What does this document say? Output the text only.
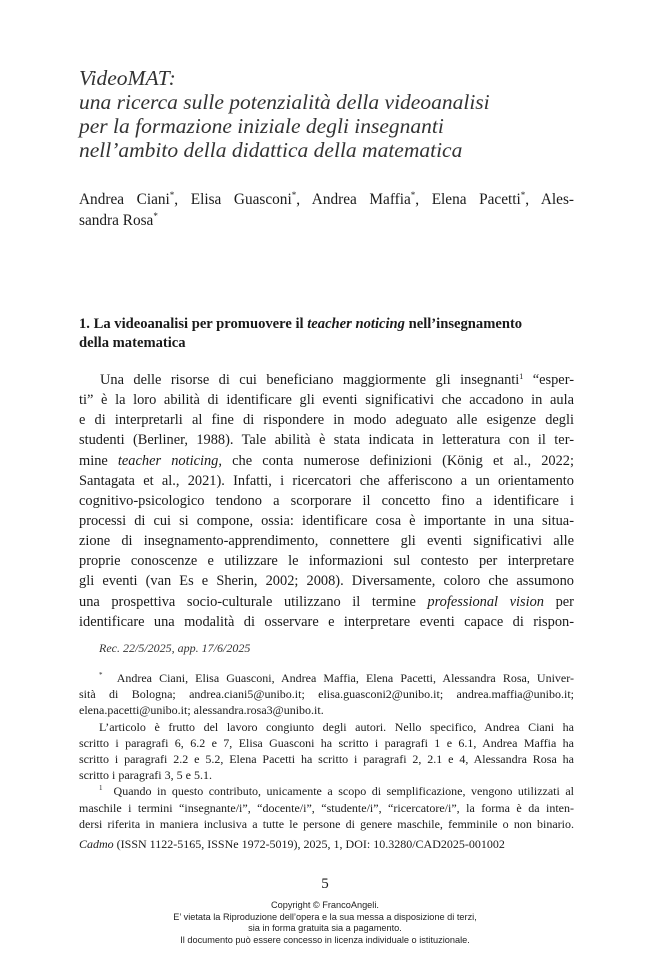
VideoMAT:
una ricerca sulle potenzialità della videoanalisi
per la formazione iniziale degli insegnanti
nell’ambito della didattica della matematica
Andrea Ciani*, Elisa Guasconi*, Andrea Maffia*, Elena Pacetti*, Ales-
sandra Rosa*
1. La videoanalisi per promuovere il teacher noticing nell’insegnamento
della matematica
Una delle risorse di cui beneficiano maggiormente gli insegnanti$^1$ “esper-
ti” è la loro abilità di identificare gli eventi significativi che accadono in aula
e di interpretarli al fine di rispondere in modo adeguato alle esigenze degli
studenti (Berliner, 1988). Tale abilità è stata indicata in letteratura con il ter-
mine teacher noticing, che conta numerose definizioni (König et al., 2022;
Santagata et al., 2021). Infatti, i ricercatori che afferiscono a un orientamento
cognitivo-psicologico tendono a scorporare il concetto fino a identificare i
processi di cui si compone, ossia: identificare cosa è importante in una situa-
zione di insegnamento-apprendimento, connettere gli eventi significativi alle
proprie conoscenze e utilizzare le informazioni sul contesto per interpretare
gli eventi (van Es e Sherin, 2002; 2008). Diversamente, coloro che assumono
una prospettiva socio-culturale utilizzano il termine professional vision per
identificare una modalità di osservare e interpretare eventi capace di rispon-
Rec. 22/5/2025, app. 17/6/2025
* Andrea Ciani, Elisa Guasconi, Andrea Maffia, Elena Pacetti, Alessandra Rosa, Univer-
sità di Bologna; andrea.ciani5@unibo.it; elisa.guasconi2@unibo.it; andrea.maffia@unibo.it;
elena.pacetti@unibo.it; alessandra.rosa3@unibo.it.
L’articolo è frutto del lavoro congiunto degli autori. Nello specifico, Andrea Ciani ha
scritto i paragrafi 6, 6.2 e 7, Elisa Guasconi ha scritto i paragrafi 1 e 6.1, Andrea Maffia ha
scritto i paragrafi 2.2 e 5.2, Elena Pacetti ha scritto i paragrafi 2, 2.1 e 4, Alessandra Rosa ha
scritto i paragrafi 3, 5 e 5.1.
$^1$ Quando in questo contributo, unicamente a scopo di semplificazione, vengono utilizzati al
maschile i termini “insegnante/i”, “docente/i”, “studente/i”, “ricercatore/i”, la forma è da inten-
dersi riferita in maniera inclusiva a tutte le persone di genere maschile, femminile o non binario.
Cadmo (ISSN 1122-5165, ISSNe 1972-5019), 2025, 1, DOI: 10.3280/CAD2025-001002
5
Copyright © FrancoAngeli.
E’ vietata la Riproduzione dell’opera e la sua messa a disposizione di terzi,
sia in forma gratuita sia a pagamento.
Il documento può essere concesso in licenza individuale o istituzionale.
